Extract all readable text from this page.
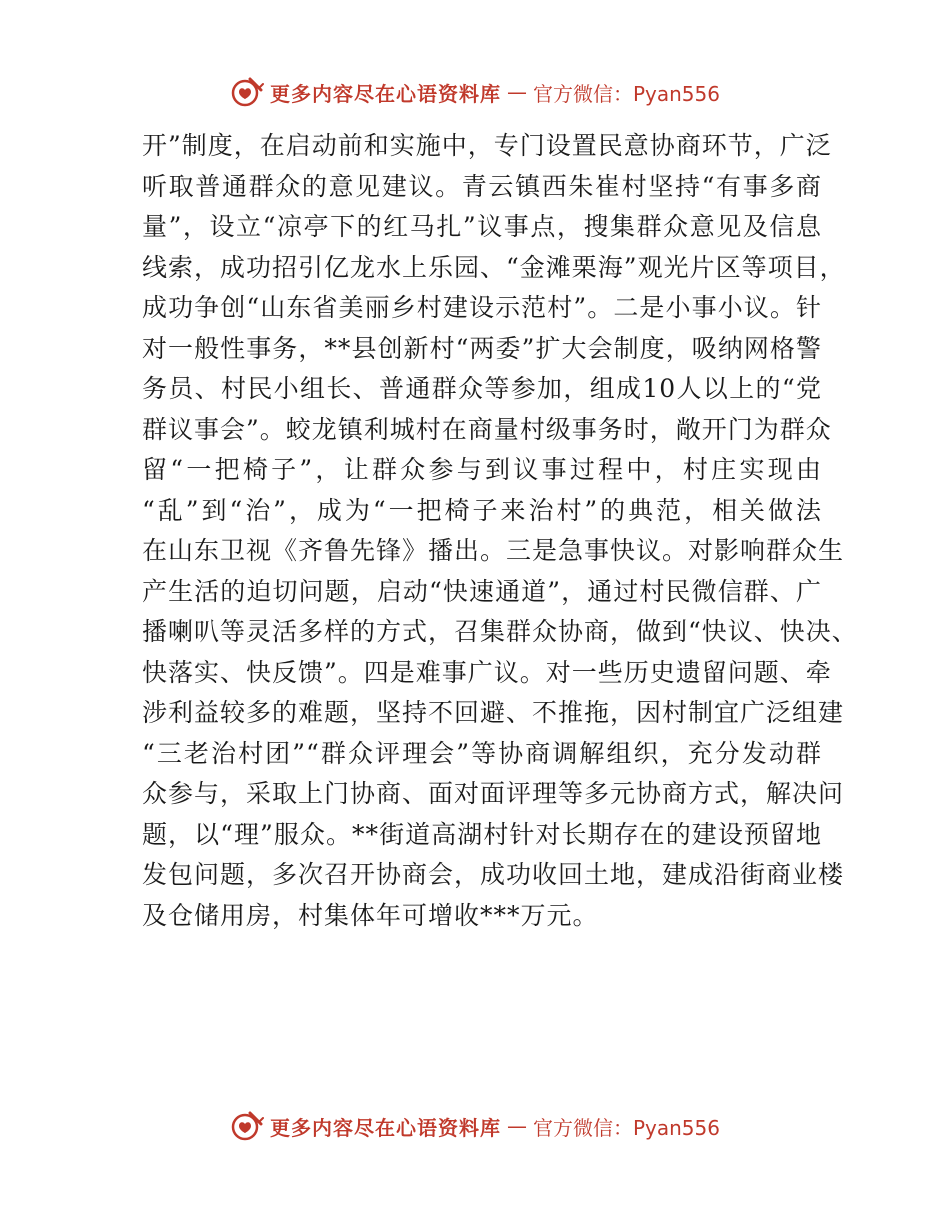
更多内容尽在心语资料库 — 官方微信：Pyan556
开”制度，在启动前和实施中，专门设置民意协商环节，广泛
听取普通群众的意见建议。青云镇西朱崔村坚持“有事多商
量”，设立“凉亭下的红马扎”议事点，搜集群众意见及信息
线索，成功招引亿龙水上乐园、“金滩栗海”观光片区等项目，
成功争创“山东省美丽乡村建设示范村”。二是小事小议。针
对一般性事务，**县创新村“两委”扩大会制度，吸纳网格警
务员、村民小组长、普通群众等参加，组成10人以上的“党
群议事会”。蛟龙镇利城村在商量村级事务时，敞开门为群众
留“一把椅子”，让群众参与到议事过程中，村庄实现由
“乱”到“治”，成为“一把椅子来治村”的典范，相关做法
在山东卫视《齐鲁先锋》播出。三是急事快议。对影响群众生
产生活的迫切问题，启动“快速通道”，通过村民微信群、广
播喇叭等灵活多样的方式，召集群众协商，做到“快议、快决、
快落实、快反馈”。四是难事广议。对一些历史遗留问题、牵
涉利益较多的难题，坚持不回避、不推拖，因村制宜广泛组建
“三老治村团”“群众评理会”等协商调解组织，充分发动群
众参与，采取上门协商、面对面评理等多元协商方式，解决问
题，以“理”服众。**街道高湖村针对长期存在的建设预留地
发包问题，多次召开协商会，成功收回土地，建成沿街商业楼
及仓储用房，村集体年可增收***万元。
更多内容尽在心语资料库 — 官方微信：Pyan556
